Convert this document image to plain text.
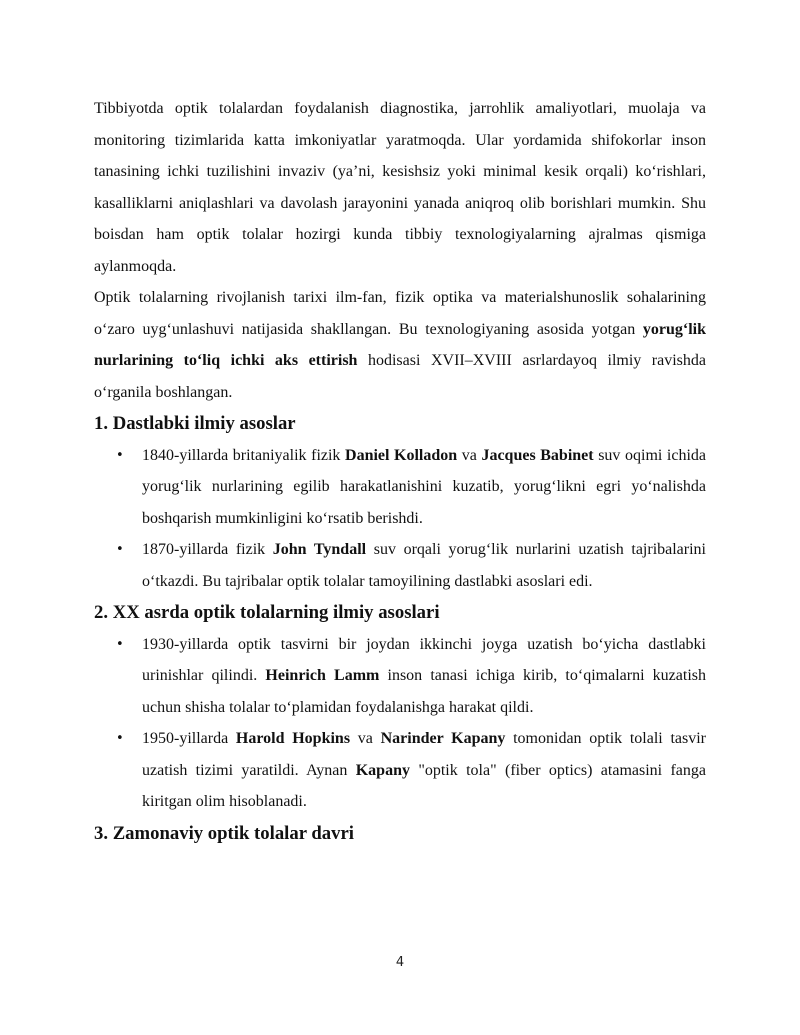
Tibbiyotda optik tolalardan foydalanish diagnostika, jarrohlik amaliyotlari, muolaja va monitoring tizimlarida katta imkoniyatlar yaratmoqda. Ular yordamida shifokorlar inson tanasining ichki tuzilishini invaziv (ya’ni, kesishsiz yoki minimal kesik orqali) ko‘rishlari, kasalliklarni aniqlashlari va davolash jarayonini yanada aniqroq olib borishlari mumkin. Shu boisdan ham optik tolalar hozirgi kunda tibbiy texnologiyalarning ajralmas qismiga aylanmoqda.

Optik tolalarning rivojlanish tarixi ilm-fan, fizik optika va materialshunoslik sohalarining o‘zaro uyg‘unlashuvi natijasida shakllangan. Bu texnologiyaning asosida yotgan yorug‘lik nurlarining to‘liq ichki aks ettirish hodisasi XVII–XVIII asrlardayoq ilmiy ravishda o‘rganila boshlangan.

1. Dastlabki ilmiy asoslar
• 1840-yillarda britaniyalik fizik Daniel Kolladon va Jacques Babinet suv oqimi ichida yorug‘lik nurlarining egilib harakatlanishini kuzatib, yorug‘likni egri yo‘nalishda boshqarish mumkinligini ko‘rsatib berishdi.
• 1870-yillarda fizik John Tyndall suv orqali yorug‘lik nurlarini uzatish tajribalarini o‘tkazdi. Bu tajribalar optik tolalar tamoyilining dastlabki asoslari edi.
2. XX asrda optik tolalarning ilmiy asoslari
• 1930-yillarda optik tasvirni bir joydan ikkinchi joyga uzatish bo‘yicha dastlabki urinishlar qilindi. Heinrich Lamm inson tanasi ichiga kirib, to‘qimalarni kuzatish uchun shisha tolalar to‘plamidan foydalanishga harakat qildi.
• 1950-yillarda Harold Hopkins va Narinder Kapany tomonidan optik tolali tasvir uzatish tizimi yaratildi. Aynan Kapany "optik tola" (fiber optics) atamasini fanga kiritgan olim hisoblanadi.
3. Zamonaviy optik tolalar davri
4
